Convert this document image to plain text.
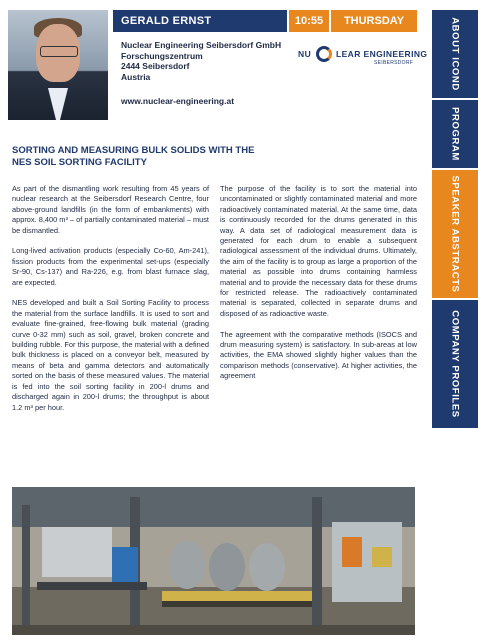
GERALD ERNST	10:55	THURSDAY
Nuclear Engineering Seibersdorf GmbH
Forschungszentrum
2444 Seibersdorf
Austria
www.nuclear-engineering.at
NU	LEAR ENGINEERING
SEIBERSDORF
SORTING AND MEASURING BULK SOLIDS WITH THE
NES SOIL SORTING FACILITY

As part of the dismantling work resulting from 45 years of nuclear research at the Seibersdorf Research Centre, four above-ground landfills (in the form of embankments) with approx. 8,400 m³ – of partially contaminated material – must be dismantled.

Long-lived activation products (especially Co-60, Am-241), fission products from the experimental set-ups (especially Sr-90, Cs-137) and Ra-226, e.g. from blast furnace slag, are expected.

NES developed and built a Soil Sorting Facility to process the material from the surface landfills. It is used to sort and evaluate fine-grained, free-flowing bulk material (grading curve 0-32 mm) such as soil, gravel, broken concrete and building rubble. For this purpose, the material with a defined bulk thickness is placed on a conveyor belt, measured by means of beta and gamma detectors and automatically sorted on the basis of these measured values. The material is fed into the soil sorting facility in 200-l drums and discharged again in 200-l drums; the throughput is about 1.2 m³ per hour.

The purpose of the facility is to sort the material into uncontaminated or slightly contaminated material and more radioactively contaminated material. At the same time, data is continuously recorded for the drums generated in this way. A data set of radiological measurement data is generated for each drum to enable a subsequent radiological assessment of the individual drums. Ultimately, the aim of the facility is to group as large a proportion of the material as possible into drums containing harmless material and to provide the necessary data for these drums for restricted release. The radioactively contaminated material is separated, collected in separate drums and disposed of as radioactive waste.

The agreement with the comparative methods (ISOCS and drum measuring system) is satisfactory. In sub-areas at low activities, the EMA showed slightly higher values than the comparison methods (conservative). At higher activities, the agreement

ABOUT ICOND
PROGRAM
SPEAKER ABSTRACTS
COMPANY PROFILES
